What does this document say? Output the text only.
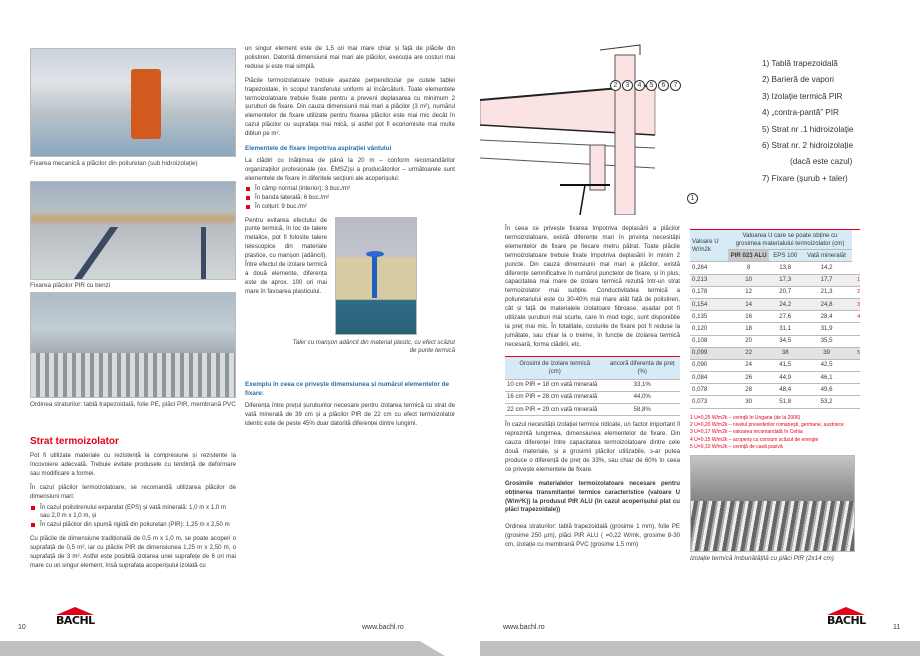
Fixarea mecanică a plăcilor din poliuretan (sub hidroizolație)
Fixarea plăcilor PIR cu benzi
Ordinea straturilor: tablă trapezoidală, folie PE, plăci PIR, membrană PVC
Strat termoizolator

Pot fi utilizate materiale cu rezistență la compresiune și rezistente la încovoiere adecvată. Trebuie evitate produsele cu tendință de deformare sau modificare a formei.

În cazul plăcilor termoizolatoare, se recomandă utilizarea plăcilor de dimensiuni mari:

În cazul polistirenului expandat (EPS) și vată minerală: 1,0 m x 1,0 m sau 2,0 m x 1,0 m, și
În cazul plăcilor din spumă rigidă din poliuretan (PIR): 1,25 m x 2,50 m

Cu plăcile de dimensiune tradițională de 0,5 m x 1,0 m, se poate acoperi o suprafață de 0,5 m², iar cu plăcile PIR de dimensiunea 1,25 m x 2,50 m, o suprafață de 3 m². Astfel este posibilă izolarea unei suprafețe de 6 ori mai mare cu un singur element, însă suprafața acoperișului izolată cu

un singur element este de 1,5 ori mai mare chiar și față de plăcile din polistiren. Datorită dimensiunii mai mari ale plăcilor, execuția are costuri mai reduse și este mai simplă.

Plăcile termoizolatoare trebuie așezate perpendicular pe cutele tablei trapezoidale, în scopul transferului uniform al încărcăturii. Toate elementele termoizolatoare trebuie fixate pentru a preveni deplasarea cu minimum 2 șuruburi de fixare. Din cauza dimensiunii mai mari a plăcilor (3 m²), numărul elementelor de fixare utilizate pentru fixarea plăcilor este mai mic decât în cazul plăcilor cu suprafața mai mică, și astfel pot fi economisite mai multe dibluri pe m².

Elementele de fixare împotriva aspirației vântului

La clădiri cu înălțimea de până la 20 m – conform recomandărilor organizațiilor profesionale (ex. ÉMSZ)și a producătorilor – următoarele sunt elementele de fixare în diferitele secțiuni ale acoperișului:

În câmp normal (interior): 3 buc./m²
În banda laterală: 6 buc./m²
În colțuri: 9 buc./m²

Pentru evitarea efectului de punte termică, în loc de talere metalice, pot fi folosite talere telescopice din materiale plastice, cu manșon (adâncit). Între efectul de izolare termică a două elemente, diferența este de aprox. 100 ori mai mare în favoarea plasticului.

Taler cu manșon adâncit din material plastic, cu efect scăzut de punte termică
Exemplu în ceea ce privește dimensiunea și numărul elementelor de fixare:

Diferența între prețul șuruburilor necesare pentru izolarea termică cu strat de vată minerală de 39 cm și a plăcilor PIR de 22 cm cu efect termoizolator identic este de peste 45% doar datorită diferenței dintre lungimi.

BACHL
10	www.bachl.ro
2	3	4	5	6	7
1
1) Tablă trapezoidală
2) Barieră de vapori
3) Izolație termică PIR
4) „contra-pantă” PIR
5) Strat nr .1 hidroizolație
6) Strat nr. 2 hidroizolație
(dacă este cazul)
7) Fixare (șurub + taler)

În ceea ce privește fixarea împotriva deplasării a plăcilor termoizolatoare, există diferențe mari în privința necesității elementelor de fixare pe fiecare metru pătrat. Toate plăcile termoizolatoare trebuie fixate împotriva deplasării în minim 2 puncte. Din cauza dimensiunii mai mari a plăcilor, există diferențe semnificative în numărul punctelor de fixare, și în plus, capacitatea mai mare de izolare termică rezultă într-un strat termoizolator mai subțire. Conductivitatea termică a poliuretanului este cu 30-40% mai mare atât față de polistiren, cât și față de materialele izolatoare fibroase, așadar pot fi utilizate șuruburi mai scurte, care în mod logic, sunt disponibile la preț mai mic. În totalitate, costurile de fixare pot fi reduse la jumătate, sau chiar la o treime, în funcție de izolarea termică necesară, forma clădirii, etc.

Grosimi de izolare termică (cm)	ancoră diferenta de preț (%)
10 cm PIR = 18 cm vată minerală	33,1%
16 cm PIR = 28 cm vată minerală	44,0%
22 cm PIR = 29 cm vată minerală	58,8%

În cazul necesității izolației termice ridicate, un factor important îl reprezintă lungimea, dimensiunea elementelor de fixare. Din cauza diferenței între capacitatea termoizolatoare dintre cele două materiale, și a grosimii plăcilor utilizabile, s-ar putea produce o diferență de preț de 33%, sau chiar de 60% în ceea ce privește elementele de fixare.

Grosimile materialelor termoizolatoare necesare pentru obținerea transmitanței termice caracteristice (valoare U (W/m²K)) la produsul PIR ALU (în cazul acoperișului plat cu plăci trapezoidale))

Ordinea straturilor: tablă trapezoidală (grosime 1 mm), folie PE (grosime 250 µm), plăci PIR ALU ( =0,22 W/mk, grosime 8-30 cm, izolație cu membrană PVC (grosime 1,5 mm)

Valoare U W/m2k	Valoarea U care se poate obține cu grosimea materialului termoizolator (cm)			
	PIR 023 ALU	EPS 100	Vată mineralăt	
0,264	8	13,8	14,2	
0,213	10	17,3	17,7	1

0,178	12	20,7	21,3	2

0,154	14	24,2	24,8	3

0,135	16	27,6	28,4	4

0,120	18	31,1	31,9	
0,108	20	34,5	35,5	
0,099	22	38	39	5

0,090	24	41,5	42,5	
0,084	26	44,9	46,1	
0,078	28	48,4	49,6	
0,073	30	51,8	53,2	
1 U=0,25 W/m2k – cerință în Ungaria (de la 2006)
2 U=0,20 W/m2k – nivelul prevederilor romanești, germane, austriece
3 U=0,17 W/m2k – valoarea recomandată în Cehia
4 U=0,15 W/m2k – acoperiș cu consum scăzut de energie
5 U=0,10 W/m2k – cerință de casă pasivă
Izolație termică îmbunătățită cu plăci PIR (2x14 cm)
BACHL
11
www.bachl.ro
